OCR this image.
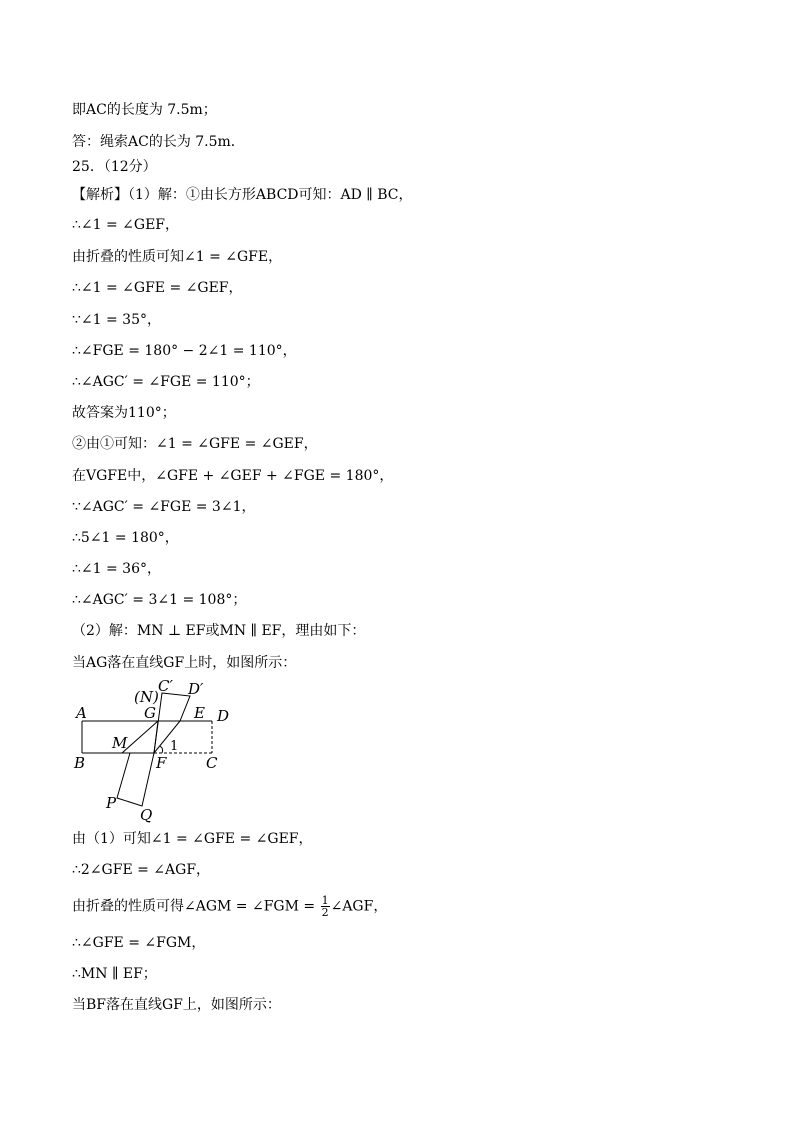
即AC的长度为 7.5m；
答：绳索AC的长为 7.5m．
25．（12分）
【解析】（1）解：①由长方形ABCD可知：AD ∥ BC，
∴∠1 = ∠GEF，
由折叠的性质可知∠1 = ∠GFE，
∴∠1 = ∠GFE = ∠GEF，
∵∠1 = 35°，
∴∠FGE = 180° − 2∠1 = 110°，
∴∠AGC′ = ∠FGE = 110°；
故答案为110°；
②由①可知：∠1 = ∠GFE = ∠GEF，
在VGFE中，∠GFE + ∠GEF + ∠FGE = 180°，
∵∠AGC′ = ∠FGE = 3∠1，
∴5∠1 = 180°，
∴∠1 = 36°，
∴∠AGC′ = 3∠1 = 108°；
（2）解：MN ⊥ EF或MN ∥ EF，理由如下：
当AG落在直线GF上时，如图所示：
由（1）可知∠1 = ∠GFE = ∠GEF，
∴2∠GFE = ∠AGF，
∴∠GFE = ∠FGM，
∴MN ∥ EF；
当BF落在直线GF上，如图所示：
由折叠的性质可得∠AGM = ∠FGM = $\frac{1}{2}$ ∠AGF，
A
B	C
D
E
F
G
(N)
C′ D′
M
P
Q
1
